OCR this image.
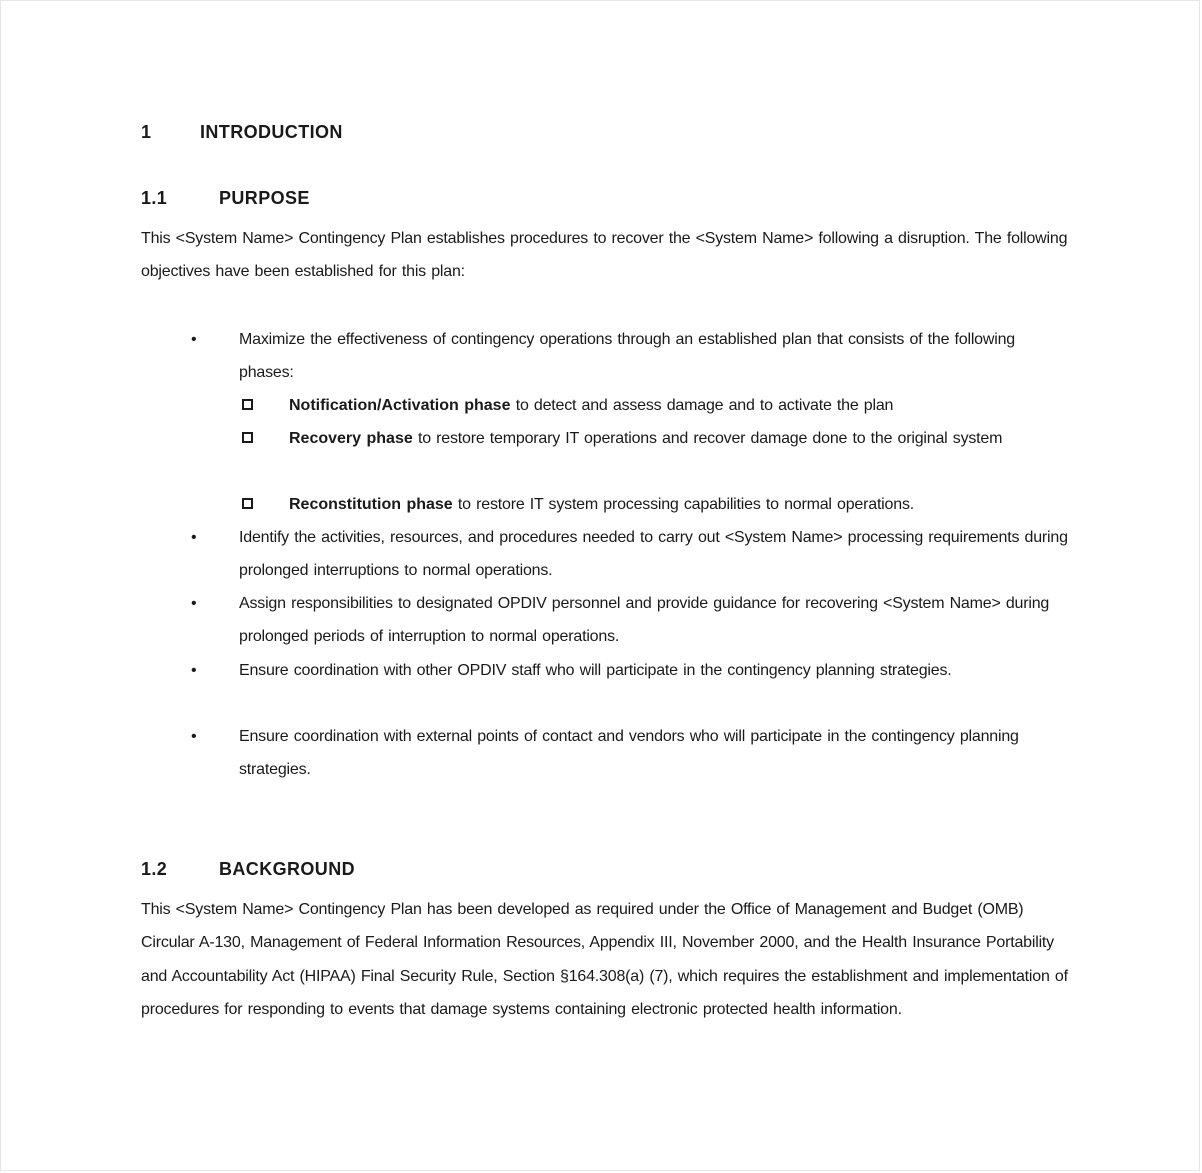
1	INTRODUCTION
1.1	PURPOSE

This <System Name> Contingency Plan establishes procedures to recover the <System Name> following a disruption. The following objectives have been established for this plan:

•	Maximize the effectiveness of contingency operations through an established plan that consists of the following phases:
Notification/Activation phase to detect and assess damage and to activate the plan
Recovery phase to restore temporary IT operations and recover damage done to the original system
Reconstitution phase to restore IT system processing capabilities to normal operations.
•	Identify the activities, resources, and procedures needed to carry out <System Name> processing requirements during prolonged interruptions to normal operations.
•	Assign responsibilities to designated OPDIV personnel and provide guidance for recovering <System Name> during prolonged periods of interruption to normal operations.
•	Ensure coordination with other OPDIV staff who will participate in the contingency planning strategies.
•	Ensure coordination with external points of contact and vendors who will participate in the contingency planning strategies.
1.2	BACKGROUND

This <System Name> Contingency Plan has been developed as required under the Office of Management and Budget (OMB) Circular A-130, Management of Federal Information Resources, Appendix III, November 2000, and the Health Insurance Portability and Accountability Act (HIPAA) Final Security Rule, Section §164.308(a) (7), which requires the establishment and implementation of procedures for responding to events that damage systems containing electronic protected health information.
